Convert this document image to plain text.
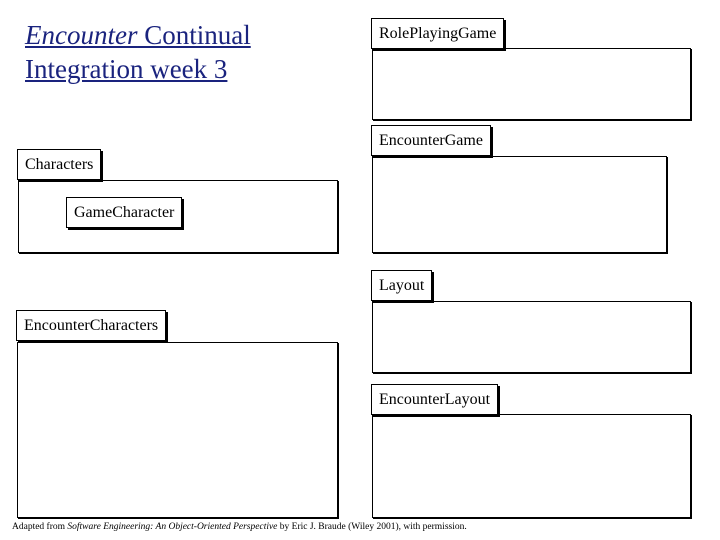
Encounter Continual Integration week 3
RolePlayingGame
EncounterGame
Characters
GameCharacter
Layout
EncounterCharacters
EncounterLayout
Adapted from Software Engineering: An Object-Oriented Perspective by Eric J. Braude (Wiley 2001), with permission.
